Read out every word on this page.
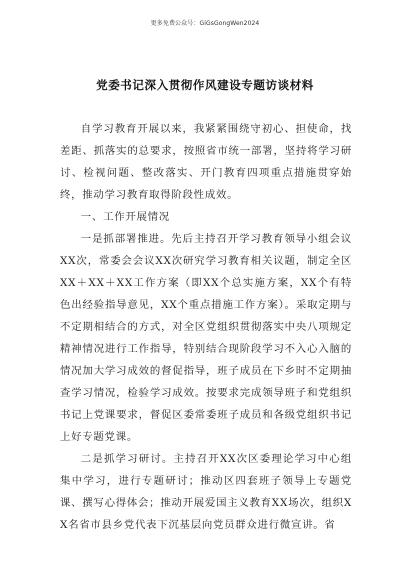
更多免费公众号：GiGsGongWen2024
党委书记深入贯彻作风建设专题访谈材料

自学习教育开展以来，我紧紧围绕守初心、担使命，找差距、抓落实的总要求，按照省市统一部署，坚持将学习研讨、检视问题、整改落实、开门教育四项重点措施贯穿始终，推动学习教育取得阶段性成效。

一、工作开展情况

一是抓部署推进。先后主持召开学习教育领导小组会议XX次，常委会会议XX次研究学习教育相关议题，制定全区XX＋XX＋XX工作方案（即XX个总实施方案，XX个有特色出经验指导意见，XX个重点措施工作方案）。采取定期与不定期相结合的方式，对全区党组织贯彻落实中央八项规定精神情况进行工作指导，特别结合现阶段学习不入心入脑的情况加大学习成效的督促指导，班子成员在下乡时不定期抽查学习情况，检验学习成效。按要求完成领导班子和党组织书记上党课要求，督促区委常委班子成员和各级党组织书记上好专题党课。

二是抓学习研讨。主持召开XX次区委理论学习中心组集中学习，进行专题研讨；推动区四套班子领导上专题党课、撰写心得体会；推动开展爱国主义教育XX场次，组织XX名省市县乡党代表下沉基层向党员群众进行微宣讲。省
